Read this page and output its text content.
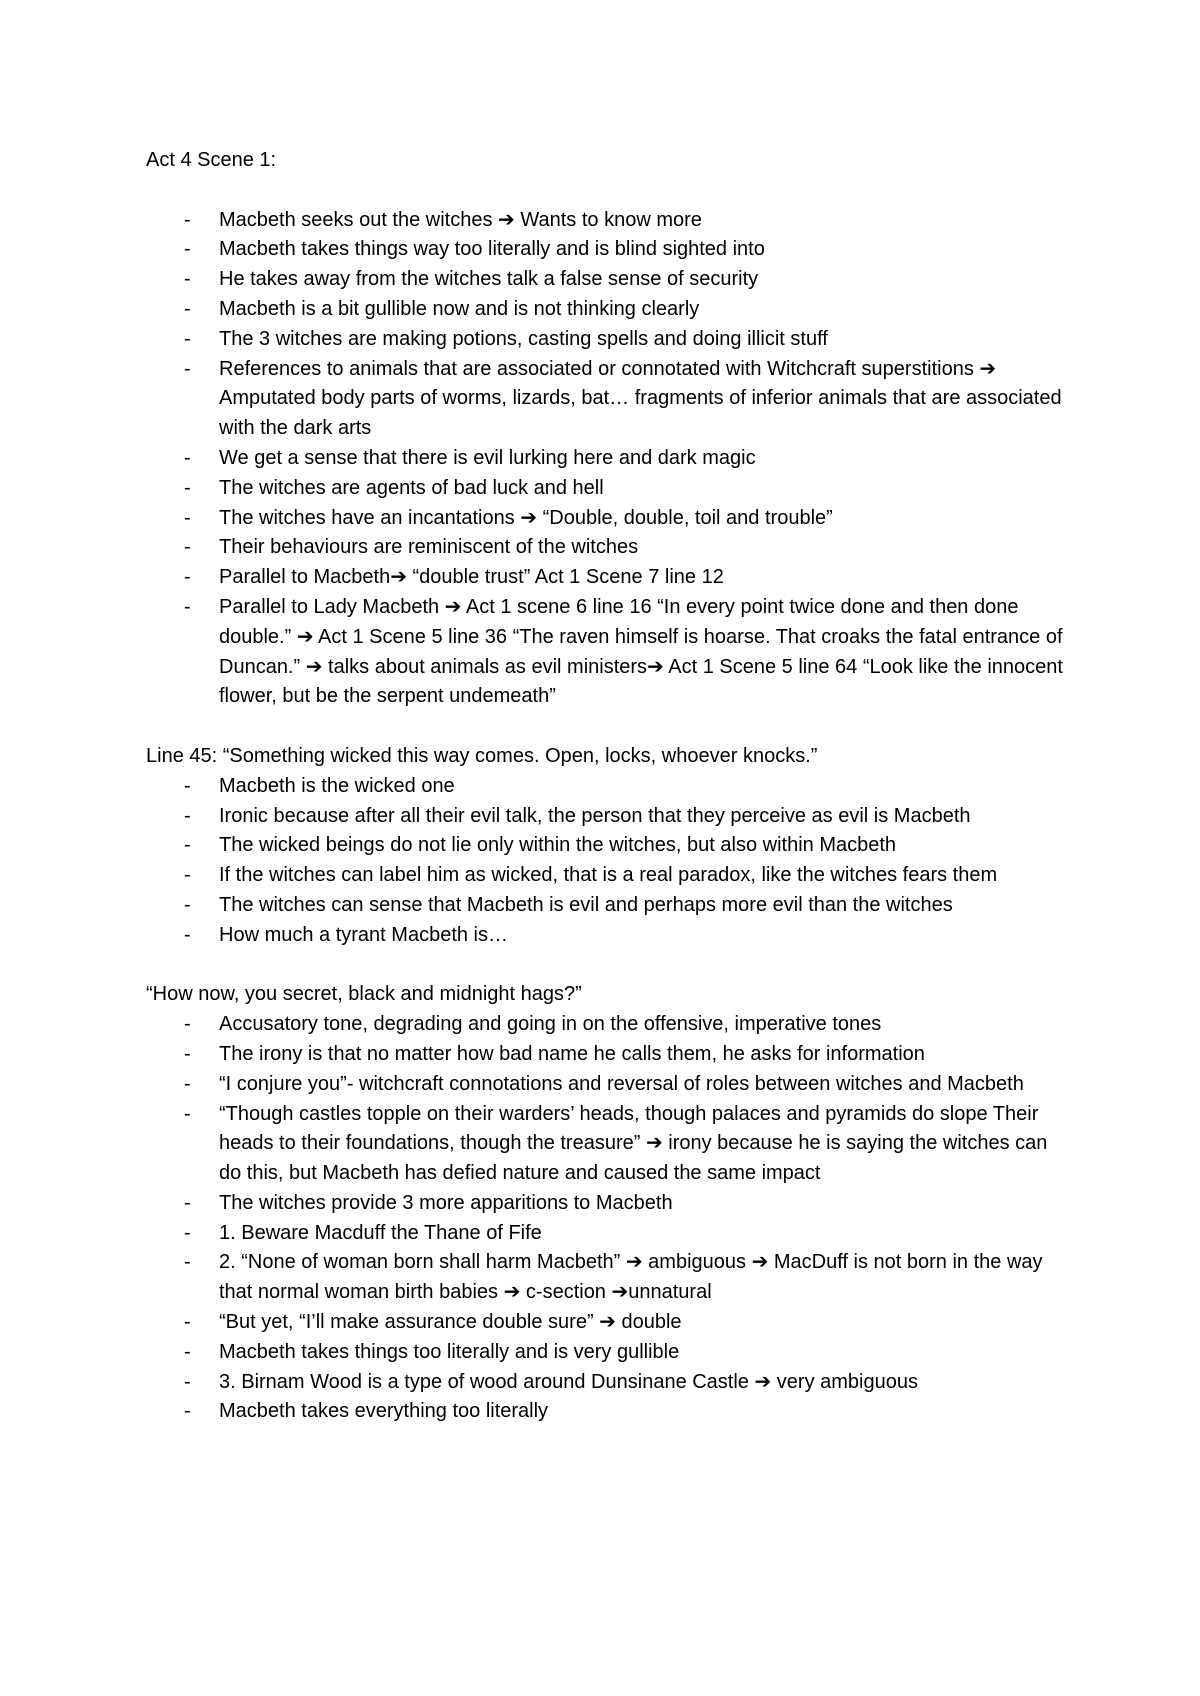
Act 4 Scene 1:

- Macbeth seeks out the witches ➔ Wants to know more
- Macbeth takes things way too literally and is blind sighted into
- He takes away from the witches talk a false sense of security
- Macbeth is a bit gullible now and is not thinking clearly
- The 3 witches are making potions, casting spells and doing illicit stuff
- References to animals that are associated or connotated with Witchcraft superstitions ➔ Amputated body parts of worms, lizards, bat… fragments of inferior animals that are associated with the dark arts
- We get a sense that there is evil lurking here and dark magic
- The witches are agents of bad luck and hell
- The witches have an incantations ➔ “Double, double, toil and trouble”
- Their behaviours are reminiscent of the witches
- Parallel to Macbeth➔ “double trust” Act 1 Scene 7 line 12
- Parallel to Lady Macbeth ➔ Act 1 scene 6 line 16 “In every point twice done and then done double.” ➔ Act 1 Scene 5 line 36 “The raven himself is hoarse. That croaks the fatal entrance of Duncan.” ➔ talks about animals as evil ministers➔ Act 1 Scene 5 line 64 “Look like the innocent flower, but be the serpent undemeath”

Line 45: “Something wicked this way comes. Open, locks, whoever knocks.”

- Macbeth is the wicked one
- Ironic because after all their evil talk, the person that they perceive as evil is Macbeth
- The wicked beings do not lie only within the witches, but also within Macbeth
- If the witches can label him as wicked, that is a real paradox, like the witches fears them
- The witches can sense that Macbeth is evil and perhaps more evil than the witches
- How much a tyrant Macbeth is…

“How now, you secret, black and midnight hags?”

- Accusatory tone, degrading and going in on the offensive, imperative tones
- The irony is that no matter how bad name he calls them, he asks for information
- “I conjure you”- witchcraft connotations and reversal of roles between witches and Macbeth
- “Though castles topple on their warders’ heads, though palaces and pyramids do slope Their heads to their foundations, though the treasure” ➔ irony because he is saying the witches can do this, but Macbeth has defied nature and caused the same impact
- The witches provide 3 more apparitions to Macbeth
- 1. Beware Macduff the Thane of Fife
- 2. “None of woman born shall harm Macbeth” ➔ ambiguous ➔ MacDuff is not born in the way that normal woman birth babies ➔ c-section ➔unnatural
- “But yet, “I’ll make assurance double sure” ➔ double
- Macbeth takes things too literally and is very gullible
- 3. Birnam Wood is a type of wood around Dunsinane Castle ➔ very ambiguous
- Macbeth takes everything too literally
